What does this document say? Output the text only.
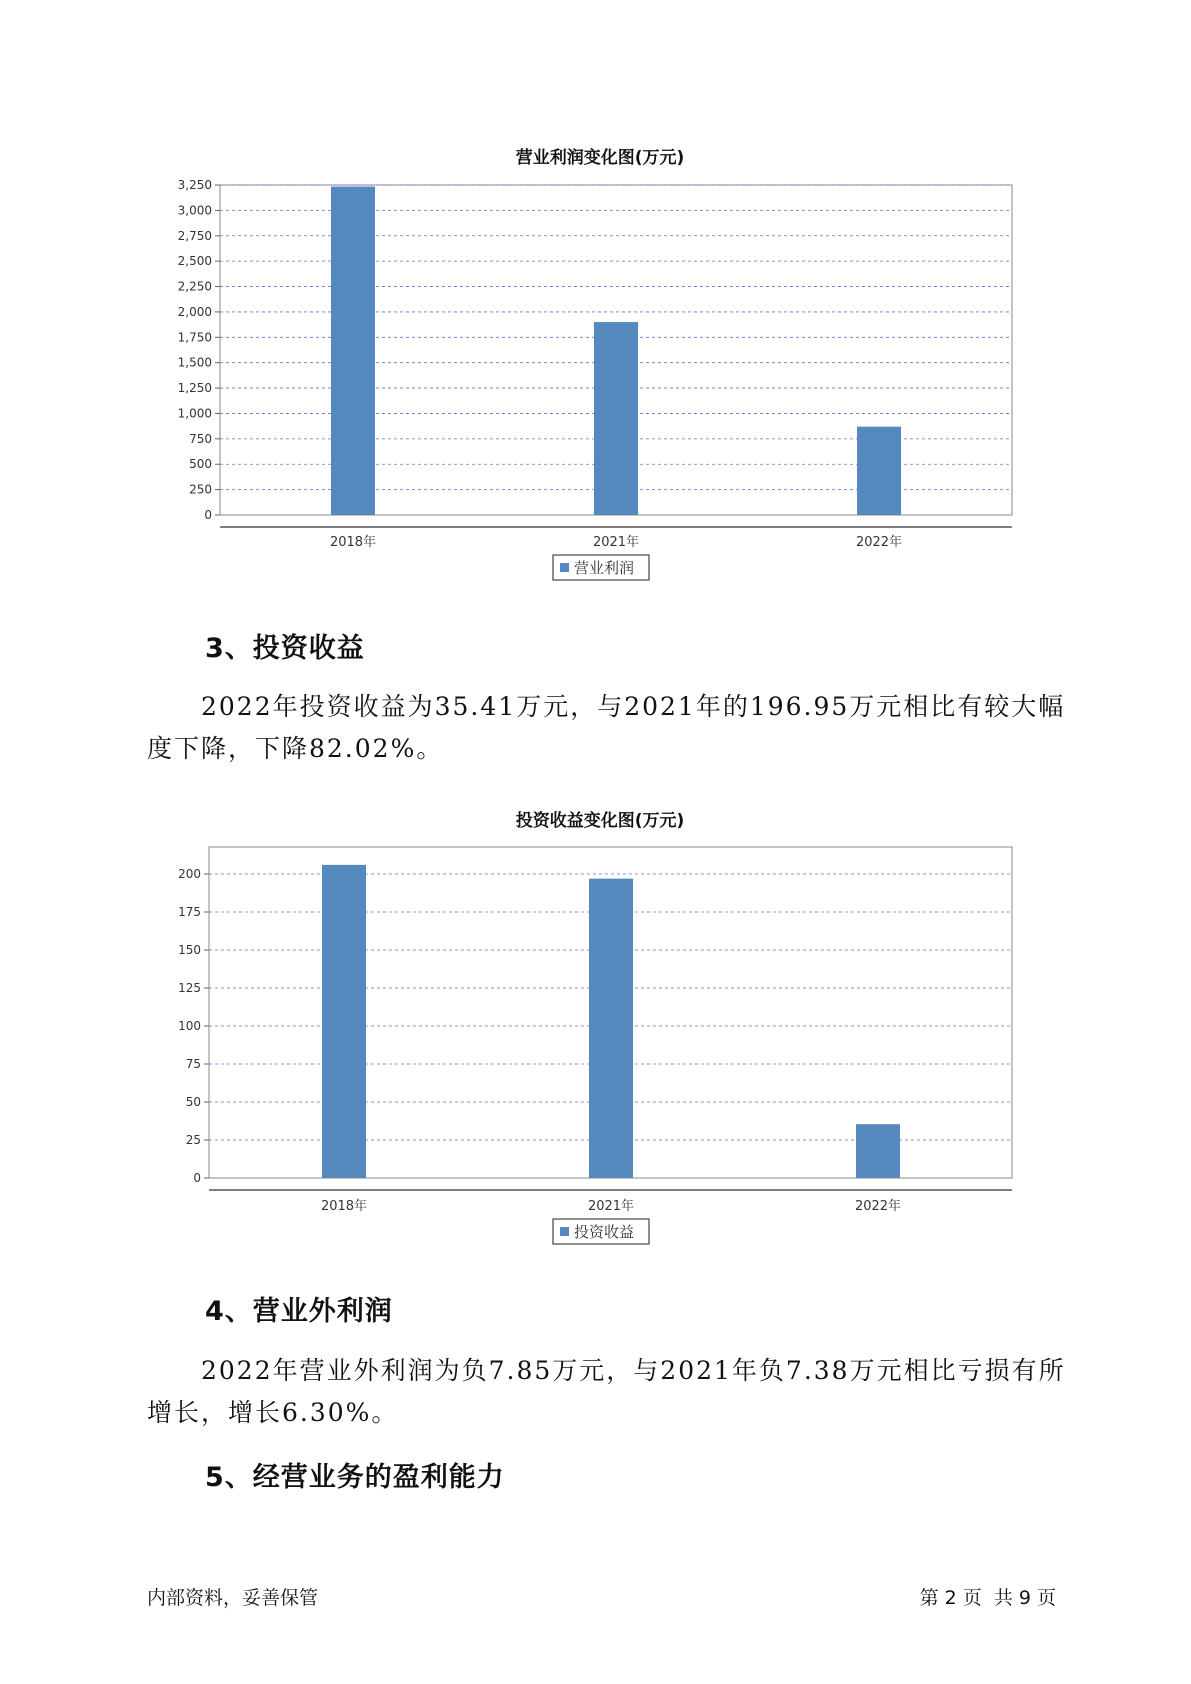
营业利润变化图(万元)
0
250
500
750
1,000
1,250
1,500
1,750
2,000
2,250
2,500
2,750
3,000
3,250
2018年	2021年	2022年
营业利润
3、投资收益

2022年投资收益为35.41万元，与2021年的196.95万元相比有较大幅度下降，下降82.02%。

投资收益变化图(万元)
0
25
50
75
100
125
150
175
200
2018年	2021年	2022年
投资收益
4、营业外利润

2022年营业外利润为负7.85万元，与2021年负7.38万元相比亏损有所增长，增长6.30%。

5、经营业务的盈利能力
内部资料，妥善保管	第 2 页  共 9 页
